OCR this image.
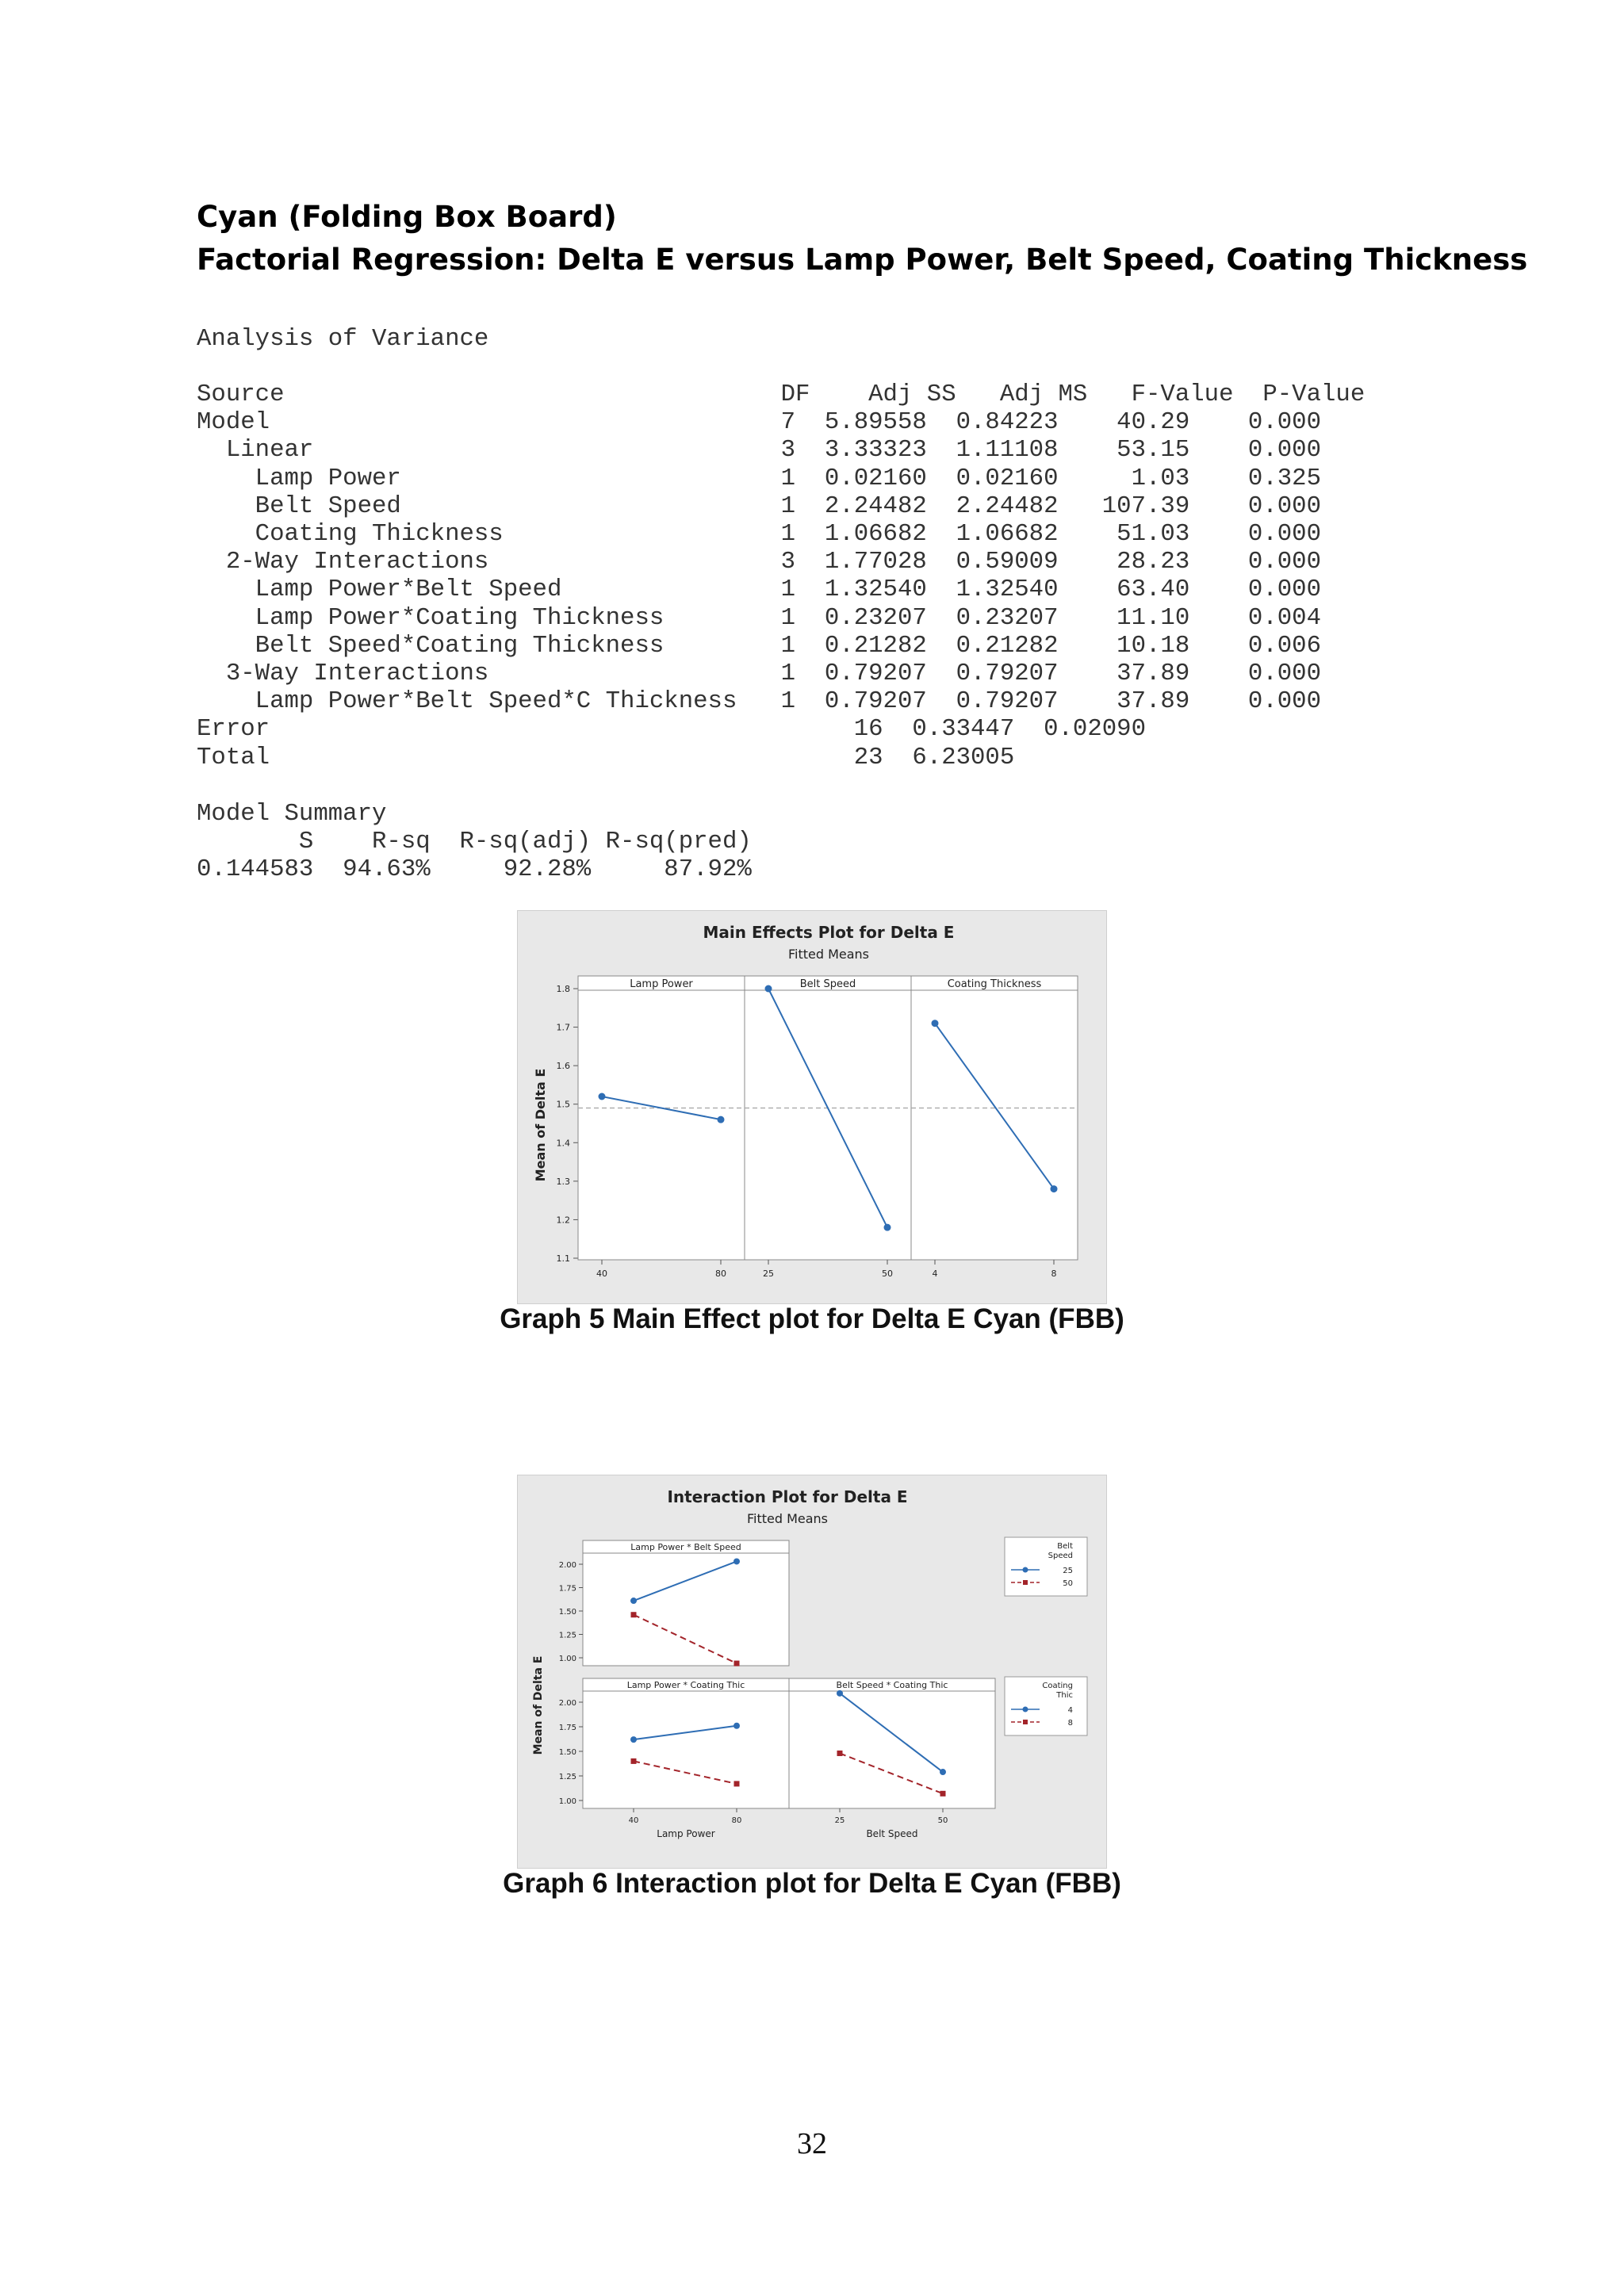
Cyan (Folding Box Board)
Factorial Regression: Delta E versus Lamp Power, Belt Speed, Coating Thickness
Analysis of Variance
Source                                  DF    Adj SS   Adj MS   F-Value  P-Value
Model                                   7  5.89558  0.84223    40.29    0.000
Linear                                3  3.33323  1.11108    53.15    0.000
Lamp Power                          1  0.02160  0.02160     1.03    0.325
Belt Speed                          1  2.24482  2.24482   107.39    0.000
Coating Thickness                   1  1.06682  1.06682    51.03    0.000
2-Way Interactions                    3  1.77028  0.59009    28.23    0.000
Lamp Power*Belt Speed               1  1.32540  1.32540    63.40    0.000
Lamp Power*Coating Thickness        1  0.23207  0.23207    11.10    0.004
Belt Speed*Coating Thickness        1  0.21282  0.21282    10.18    0.006
3-Way Interactions                    1  0.79207  0.79207    37.89    0.000
Lamp Power*Belt Speed*C Thickness   1  0.79207  0.79207    37.89    0.000
Error                                        16  0.33447  0.02090
Total                                        23  6.23005
Model Summary
S    R-sq  R-sq(adj) R-sq(pred)
0.144583  94.63%     92.28%     87.92%
Main Effects Plot for Delta E
Fitted Means
1.1
1.2
1.3
1.4
1.5
1.6
1.7
1.8
Mean of Delta E
Lamp Power
40	80
Belt Speed
25	50
Coating Thickness
4	8
Graph 5 Main Effect plot for Delta E Cyan (FBB)
Interaction Plot for Delta E
Fitted Means
Mean of Delta E
Lamp Power * Belt Speed
1.00
1.25
1.50
1.75
2.00
Lamp Power * Coating Thic
1.00
1.25
1.50
1.75
2.00
40	80
Belt Speed * Coating Thic
25	50
Lamp Power	Belt Speed
Belt
Speed
25
50
Coating
Thic
4
8
Graph 6 Interaction plot for Delta E Cyan (FBB)
32
